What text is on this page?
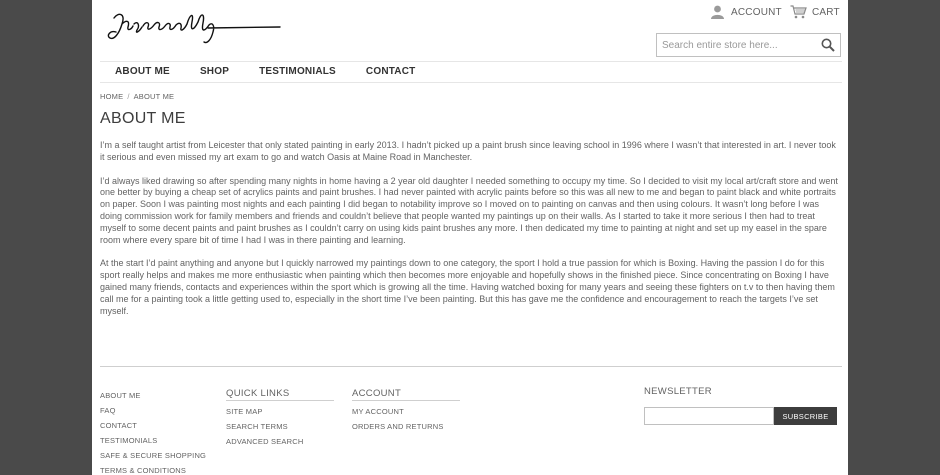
ACCOUNT	CART
Search entire store here...
ABOUT ME	SHOP	TESTIMONIALS	CONTACT
HOME / ABOUT ME
ABOUT ME

I’m a self taught artist from Leicester that only stated painting in early 2013. I hadn’t picked up a paint brush since leaving school in 1996 where I wasn’t that interested in art. I never took it serious and even missed my art exam to go and watch Oasis at Maine Road in Manchester.

I’d always liked drawing so after spending many nights in home having a 2 year old daughter I needed something to occupy my time. So I decided to visit my local art/craft store and went one better by buying a cheap set of acrylics paints and paint brushes. I had never painted with acrylic paints before so this was all new to me and began to paint black and white portraits on paper. Soon I was painting most nights and each painting I did began to notability improve so I moved on to painting on canvas and then using colours. It wasn’t long before I was doing commission work for family members and friends and couldn’t believe that people wanted my paintings up on their walls. As I started to take it more serious I then had to treat myself to some decent paints and paint brushes as I couldn’t carry on using kids paint brushes any more. I then dedicated my time to painting at night and set up my easel in the spare room where every spare bit of time I had I was in there painting and learning.

At the start I’d paint anything and anyone but I quickly narrowed my paintings down to one category, the sport I hold a true passion for which is Boxing. Having the passion I do for this sport really helps and makes me more enthusiastic when painting which then becomes more enjoyable and hopefully shows in the finished piece. Since concentrating on Boxing I have gained many friends, contacts and experiences within the sport which is growing all the time. Having watched boxing for many years and seeing these fighters on t.v to then having them call me for a painting took a little getting used to, especially in the short time I’ve been painting. But this has gave me the confidence and encouragement to reach the targets I’ve set myself.

ABOUT ME
FAQ
CONTACT
TESTIMONIALS
SAFE & SECURE SHOPPING
TERMS & CONDITIONS
QUICK LINKS
SITE MAP
SEARCH TERMS
ADVANCED SEARCH
ACCOUNT
MY ACCOUNT
ORDERS AND RETURNS
NEWSLETTER
SUBSCRIBE
